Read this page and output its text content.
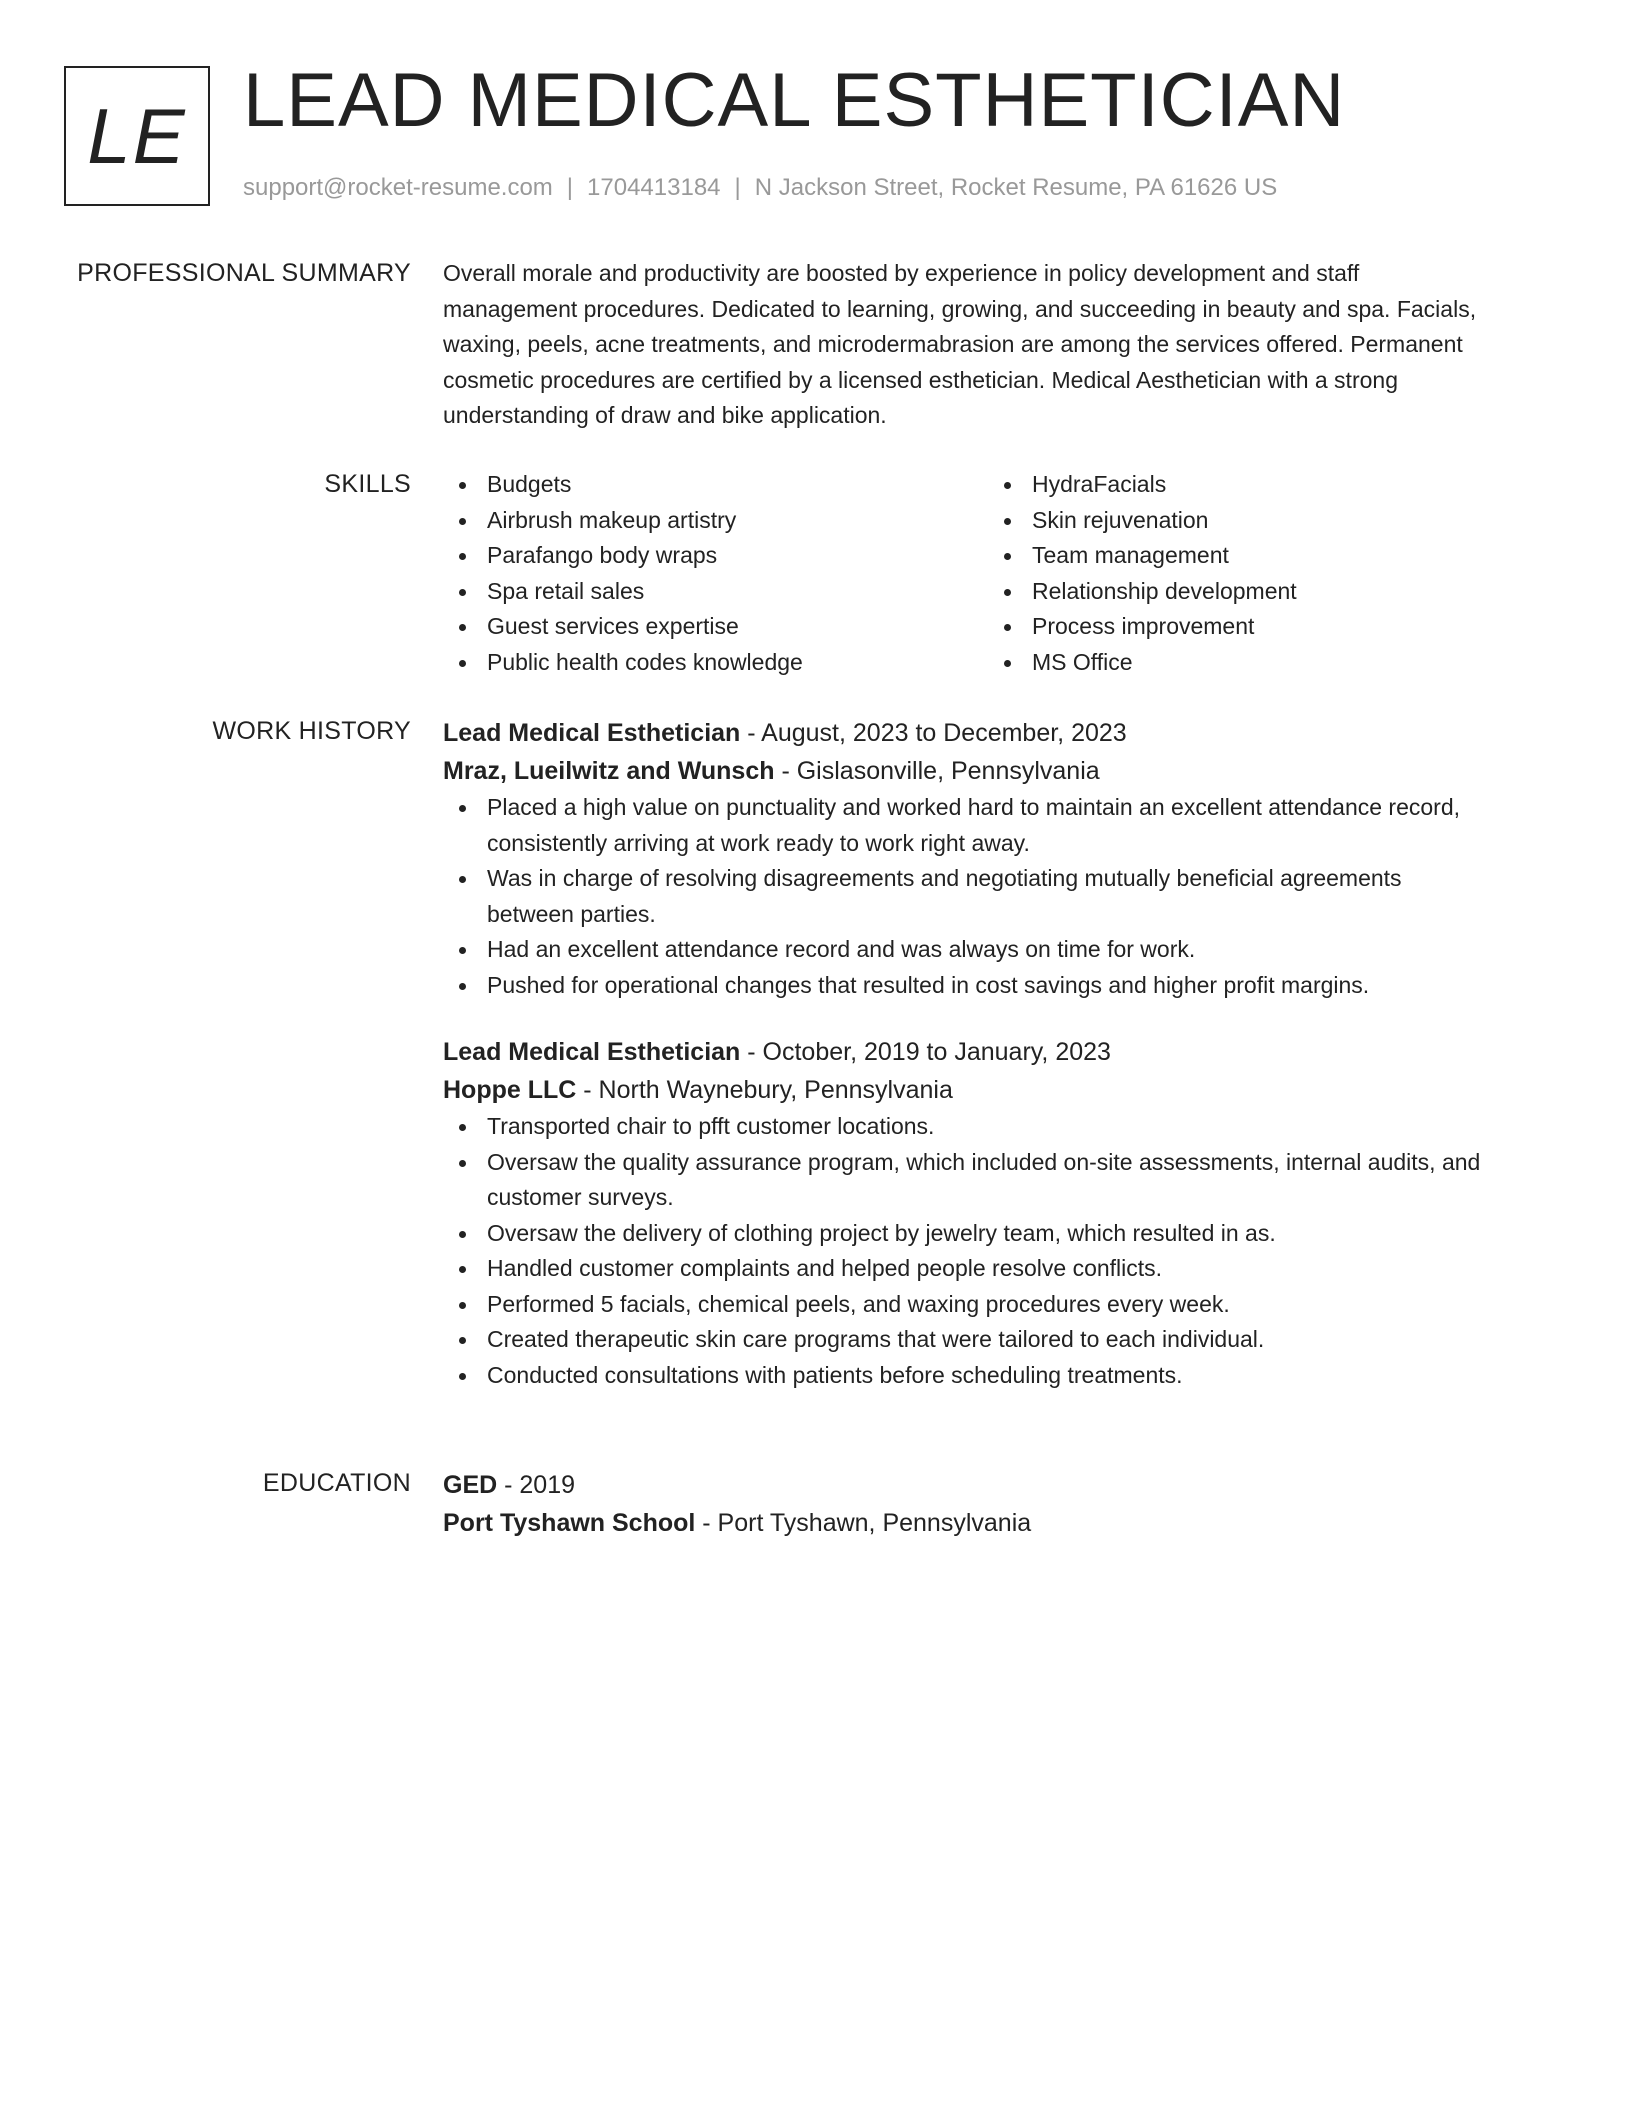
LE LEAD MEDICAL ESTHETICIAN
support@rocket-resume.com | 1704413184 | N Jackson Street, Rocket Resume, PA 61626 US
PROFESSIONAL SUMMARY Overall morale and productivity are boosted by experience in policy development and staff
management procedures. Dedicated to learning, growing, and succeeding in beauty and spa. Facials,
waxing, peels, acne treatments, and microdermabrasion are among the services offered. Permanent
cosmetic procedures are certified by a licensed esthetician. Medical Aesthetician with a strong
understanding of draw and bike application.
SKILLS	Budgets
Airbrush makeup artistry
Parafango body wraps
Spa retail sales
Guest services expertise
Public health codes knowledge
HydraFacials
Skin rejuvenation
Team management
Relationship development
Process improvement
MS Office
WORK HISTORY Lead Medical Esthetician - August, 2023 to December, 2023
Mraz, Lueilwitz and Wunsch - Gislasonville, Pennsylvania
Placed a high value on punctuality and worked hard to maintain an excellent attendance record,
consistently arriving at work ready to work right away.
Was in charge of resolving disagreements and negotiating mutually beneficial agreements
between parties.
Had an excellent attendance record and was always on time for work.
Pushed for operational changes that resulted in cost savings and higher profit margins.
Lead Medical Esthetician - October, 2019 to January, 2023
Hoppe LLC - North Waynebury, Pennsylvania
Transported chair to pfft customer locations.
Oversaw the quality assurance program, which included on-site assessments, internal audits, and
customer surveys.
Oversaw the delivery of clothing project by jewelry team, which resulted in as.
Handled customer complaints and helped people resolve conflicts.
Performed 5 facials, chemical peels, and waxing procedures every week.
Created therapeutic skin care programs that were tailored to each individual.
Conducted consultations with patients before scheduling treatments.
EDUCATION GED - 2019
Port Tyshawn School - Port Tyshawn, Pennsylvania
